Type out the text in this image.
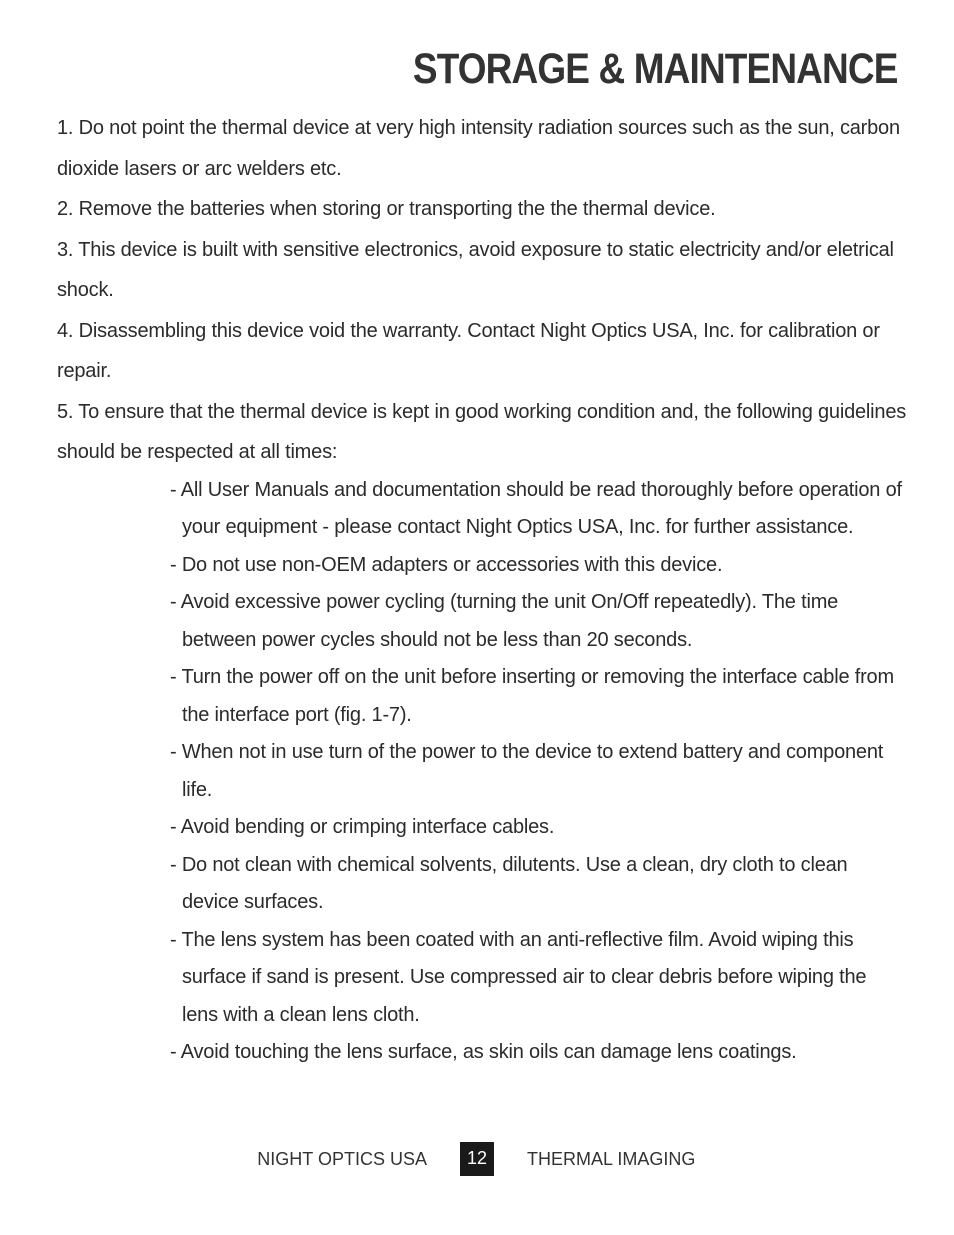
STORAGE & MAINTENANCE

1. Do not point the thermal device at very high intensity radiation sources such as the sun, carbon dioxide lasers or arc welders etc.

2. Remove the batteries when storing or transporting the the thermal device.

3. This device is built with sensitive electronics, avoid exposure to static electricity and/or eletrical shock.

4. Disassembling this device void the warranty. Contact Night Optics USA, Inc. for calibration or repair.

5. To ensure that the thermal device is kept in good working condition and, the following guidelines should be respected at all times:

- All User Manuals and documentation should be read thoroughly before operation of your equipment - please contact Night Optics USA, Inc. for further assistance.
- Do not use non-OEM adapters or accessories with this device.
- Avoid excessive power cycling (turning the unit On/Off repeatedly). The time between power cycles should not be less than 20 seconds.
- Turn the power off on the unit before inserting or removing the interface cable from the interface port (fig. 1-7).
- When not in use turn of the power to the device to extend battery and component life.
- Avoid bending or crimping interface cables.
- Do not clean with chemical solvents, dilutents. Use a clean, dry cloth to clean device surfaces.
- The lens system has been coated with an anti-reflective film. Avoid wiping this surface if sand is present. Use compressed air to clear debris before wiping the lens with a clean lens cloth.
- Avoid touching the lens surface, as skin oils can damage lens coatings.
NIGHT OPTICS USA	12	THERMAL IMAGING
